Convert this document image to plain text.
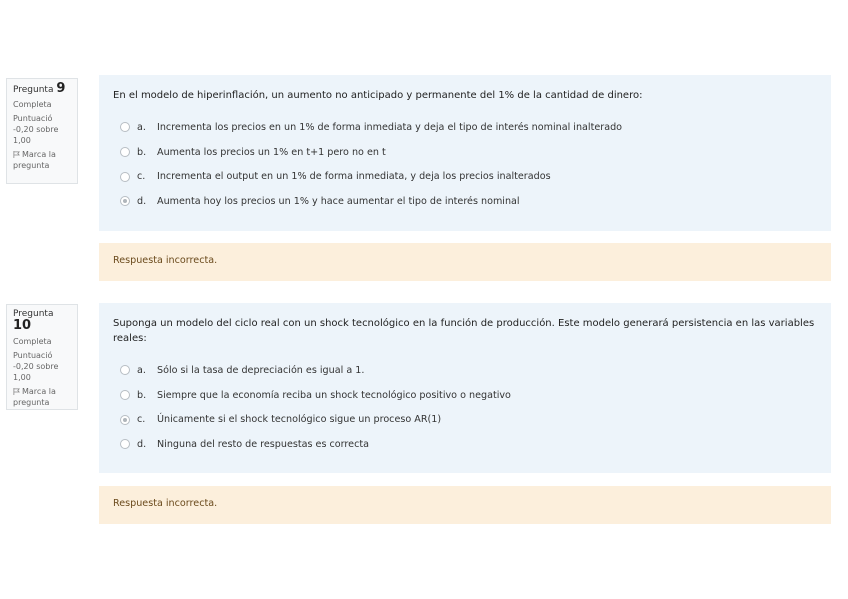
Pregunta 9
Completa
Puntuació -0,20 sobre 1,00
Marca la pregunta
En el modelo de hiperinflación, un aumento no anticipado y permanente del 1% de la cantidad de dinero:
a.	Incrementa los precios en un 1% de forma inmediata y deja el tipo de interés nominal inalterado
b.	Aumenta los precios un 1% en t+1 pero no en t
c.	Incrementa el output en un 1% de forma inmediata, y deja los precios inalterados
d.	Aumenta hoy los precios un 1% y hace aumentar el tipo de interés nominal
Respuesta incorrecta.
Pregunta 10
Completa
Puntuació -0,20 sobre 1,00
Marca la pregunta
Suponga un modelo del ciclo real con un shock tecnológico en la función de producción. Este modelo generará persistencia en las variables reales:
a.	Sólo si la tasa de depreciación es igual a 1.
b.	Siempre que la economía reciba un shock tecnológico positivo o negativo
c.	Únicamente si el shock tecnológico sigue un proceso AR(1)
d.	Ninguna del resto de respuestas es correcta
Respuesta incorrecta.
